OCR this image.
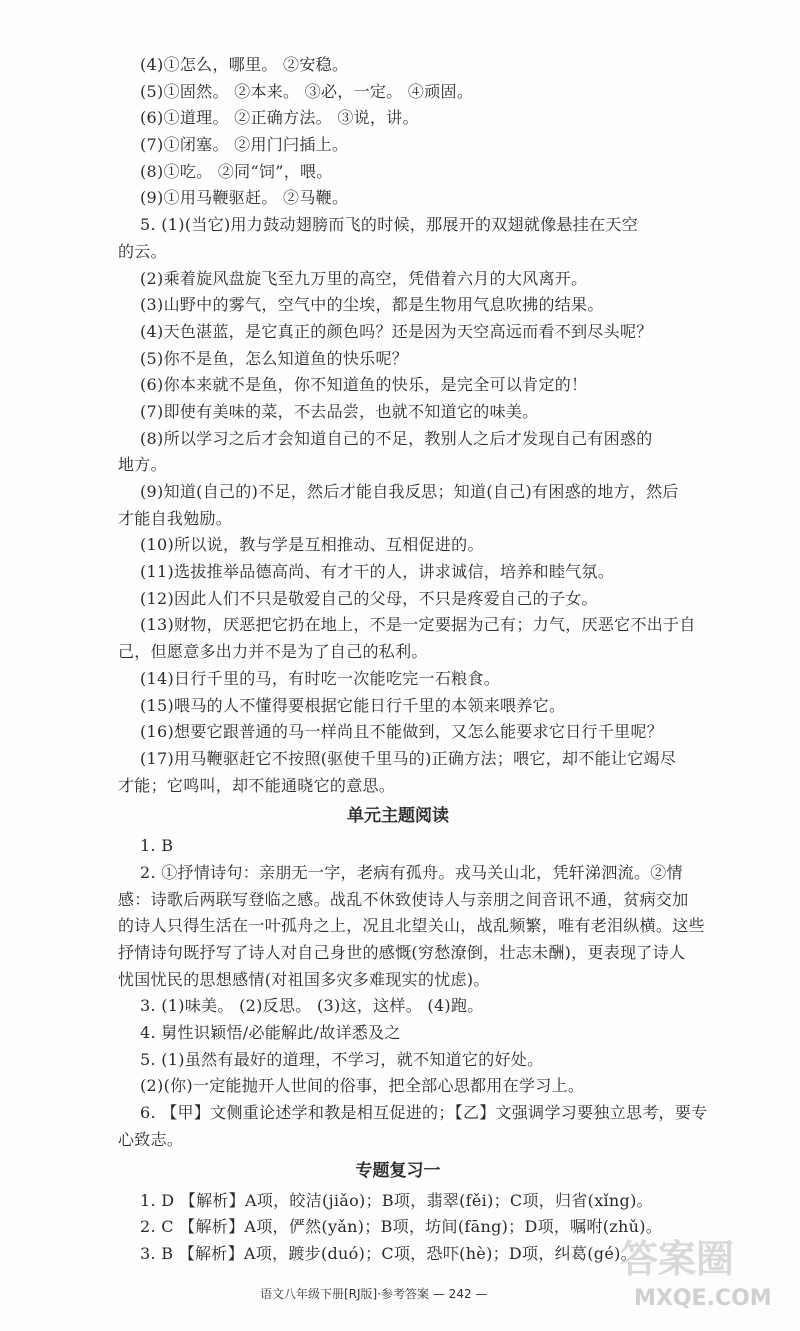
(4)①怎么，哪里。 ②安稳。
(5)①固然。 ②本来。 ③必，一定。 ④顽固。
(6)①道理。 ②正确方法。 ③说，讲。
(7)①闭塞。 ②用门闩插上。
(8)①吃。 ②同“饲”，喂。
(9)①用马鞭驱赶。 ②马鞭。
5. (1)(当它)用力鼓动翅膀而飞的时候，那展开的双翅就像悬挂在天空
的云。
(2)乘着旋风盘旋飞至九万里的高空，凭借着六月的大风离开。
(3)山野中的雾气，空气中的尘埃，都是生物用气息吹拂的结果。
(4)天色湛蓝，是它真正的颜色吗？还是因为天空高远而看不到尽头呢？
(5)你不是鱼，怎么知道鱼的快乐呢？
(6)你本来就不是鱼，你不知道鱼的快乐，是完全可以肯定的！
(7)即使有美味的菜，不去品尝，也就不知道它的味美。
(8)所以学习之后才会知道自己的不足，教别人之后才发现自己有困惑的
地方。
(9)知道(自己的)不足，然后才能自我反思；知道(自己)有困惑的地方，然后
才能自我勉励。
(10)所以说，教与学是互相推动、互相促进的。
(11)选拔推举品德高尚、有才干的人，讲求诚信，培养和睦气氛。
(12)因此人们不只是敬爱自己的父母，不只是疼爱自己的子女。
(13)财物，厌恶把它扔在地上，不是一定要据为己有；力气，厌恶它不出于自
己，但愿意多出力并不是为了自己的私利。
(14)日行千里的马，有时吃一次能吃完一石粮食。
(15)喂马的人不懂得要根据它能日行千里的本领来喂养它。
(16)想要它跟普通的马一样尚且不能做到，又怎么能要求它日行千里呢？
(17)用马鞭驱赶它不按照(驱使千里马的)正确方法；喂它，却不能让它竭尽
才能；它鸣叫，却不能通晓它的意思。
单元主题阅读
1. B
2. ①抒情诗句：亲朋无一字，老病有孤舟。戎马关山北，凭轩涕泗流。②情
感：诗歌后两联写登临之感。战乱不休致使诗人与亲朋之间音讯不通，贫病交加
的诗人只得生活在一叶孤舟之上，况且北望关山，战乱频繁，唯有老泪纵横。这些
抒情诗句既抒写了诗人对自己身世的感慨(穷愁潦倒，壮志未酬)，更表现了诗人
忧国忧民的思想感情(对祖国多灾多难现实的忧虑)。
3. (1)味美。 (2)反思。 (3)这，这样。 (4)跑。
4. 舅性识颖悟/必能解此/故详悉及之
5. (1)虽然有最好的道理，不学习，就不知道它的好处。
(2)(你)一定能抛开人世间的俗事，把全部心思都用在学习上。
6. 【甲】文侧重论述学和教是相互促进的；【乙】文强调学习要独立思考，要专
心致志。
专题复习一
1. D 【解析】A项，皎洁(jiǎo)；B项，翡翠(fěi)；C项，归省(xǐng)。
2. C 【解析】A项，俨然(yǎn)；B项，坊间(fāng)；D项，嘱咐(zhǔ)。
3. B 【解析】A项，踱步(duó)；C项，恐吓(hè)；D项，纠葛(gé)。
语文八年级下册[RJ版]·参考答案 — 242 —
答案圈
MXQE.COM
